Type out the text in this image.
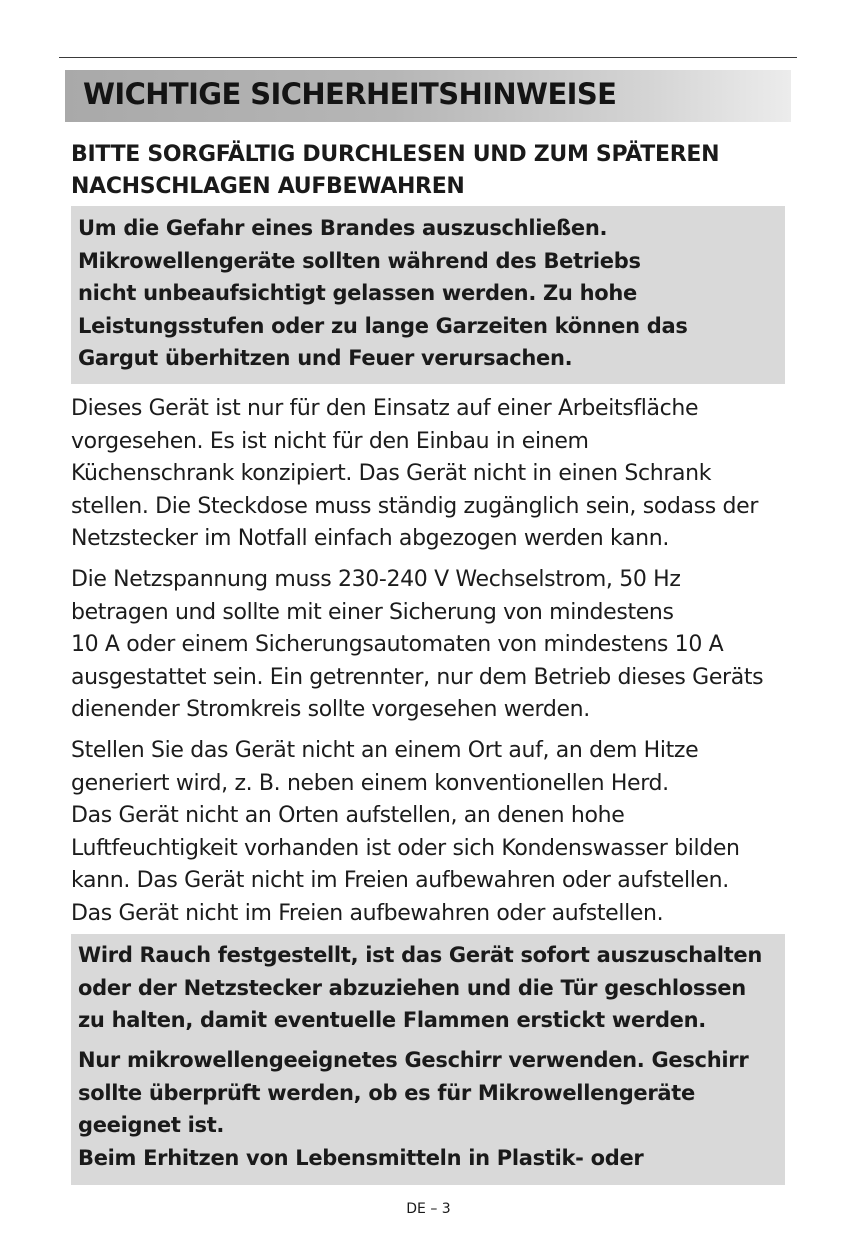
WICHTIGE SICHERHEITSHINWEISE
BITTE SORGFÄLTIG DURCHLESEN UND ZUM SPÄTEREN
NACHSCHLAGEN AUFBEWAHREN

Um die Gefahr eines Brandes auszuschließen.
Mikrowellengeräte sollten während des Betriebs
nicht unbeaufsichtigt gelassen werden. Zu hohe
Leistungsstufen oder zu lange Garzeiten können das
Gargut überhitzen und Feuer verursachen.

Dieses Gerät ist nur für den Einsatz auf einer Arbeitsfläche
vorgesehen. Es ist nicht für den Einbau in einem
Küchenschrank konzipiert. Das Gerät nicht in einen Schrank
stellen. Die Steckdose muss ständig zugänglich sein, sodass der
Netzstecker im Notfall einfach abgezogen werden kann.

Die Netzspannung muss 230-240 V Wechselstrom, 50 Hz
betragen und sollte mit einer Sicherung von mindestens
10 A oder einem Sicherungsautomaten von mindestens 10 A
ausgestattet sein. Ein getrennter, nur dem Betrieb dieses Geräts
dienender Stromkreis sollte vorgesehen werden.

Stellen Sie das Gerät nicht an einem Ort auf, an dem Hitze
generiert wird, z. B. neben einem konventionellen Herd.
Das Gerät nicht an Orten aufstellen, an denen hohe
Luftfeuchtigkeit vorhanden ist oder sich Kondenswasser bilden
kann. Das Gerät nicht im Freien aufbewahren oder aufstellen.
Das Gerät nicht im Freien aufbewahren oder aufstellen.

Wird Rauch festgestellt, ist das Gerät sofort auszuschalten
oder der Netzstecker abzuziehen und die Tür geschlossen
zu halten, damit eventuelle Flammen erstickt werden.

Nur mikrowellengeeignetes Geschirr verwenden. Geschirr
sollte überprüft werden, ob es für Mikrowellengeräte
geeignet ist.
Beim Erhitzen von Lebensmitteln in Plastik- oder

DE – 3
